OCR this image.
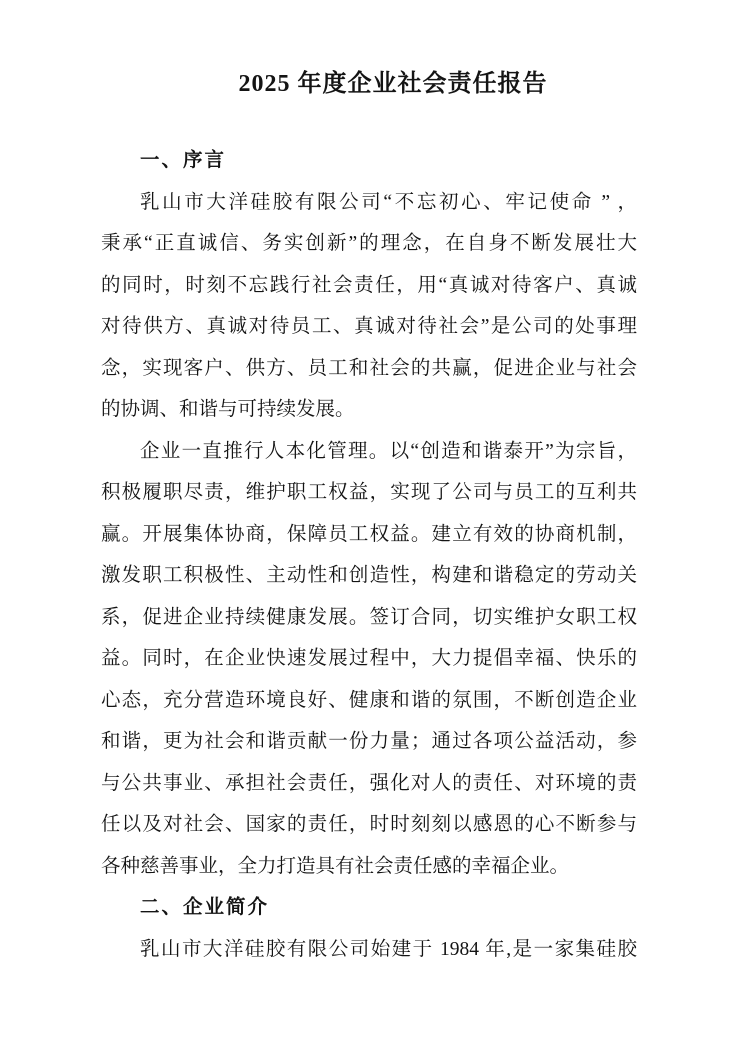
2025 年度企业社会责任报告
一、序言
乳山市大洋硅胶有限公司“不忘初心、牢记使命 ” ，
秉承“正直诚信、务实创新”的理念，在自身不断发展壮大
的同时，时刻不忘践行社会责任，用“真诚对待客户、真诚
对待供方、真诚对待员工、真诚对待社会”是公司的处事理
念，实现客户、供方、员工和社会的共赢，促进企业与社会
的协调、和谐与可持续发展。
企业一直推行人本化管理。以“创造和谐泰开”为宗旨，
积极履职尽责，维护职工权益，实现了公司与员工的互利共
赢。开展集体协商，保障员工权益。建立有效的协商机制，
激发职工积极性、主动性和创造性，构建和谐稳定的劳动关
系，促进企业持续健康发展。签订合同，切实维护女职工权
益。同时，在企业快速发展过程中，大力提倡幸福、快乐的
心态，充分营造环境良好、健康和谐的氛围，不断创造企业
和谐，更为社会和谐贡献一份力量；通过各项公益活动，参
与公共事业、承担社会责任，强化对人的责任、对环境的责
任以及对社会、国家的责任，时时刻刻以感恩的心不断参与
各种慈善事业，全力打造具有社会责任感的幸福企业。
二、企业简介
乳山市大洋硅胶有限公司始建于 1984 年,是一家集硅胶
